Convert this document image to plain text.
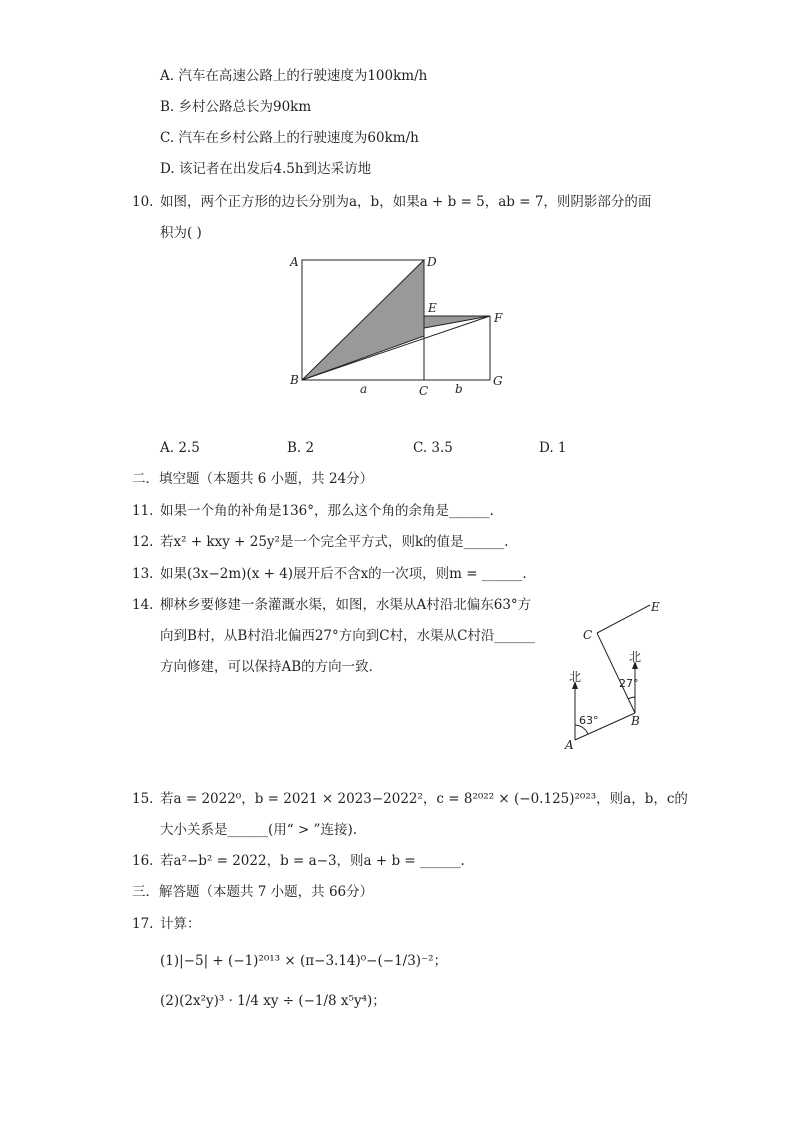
A. 汽车在高速公路上的行驶速度为100km/h
B. 乡村公路总长为90km
C. 汽车在乡村公路上的行驶速度为60km/h
D. 该记者在出发后4.5h到达采访地
10. 如图，两个正方形的边长分别为a，b，如果a + b = 5，ab = 7，则阴影部分的面
积为( )
A	D
E
F
B
C
G
a	b
A. 2.5	B. 2	C. 3.5	D. 1
二．填空题（本题共 6 小题，共 24分）
11. 如果一个角的补角是136°，那么这个角的余角是______.
12. 若x² + kxy + 25y²是一个完全平方式，则k的值是______.
13. 如果(3x−2m)(x + 4)展开后不含x的一次项，则m = ______.
14. 柳林乡要修建一条灌溉水渠，如图，水渠从A村沿北偏东63°方
向到B村，从B村沿北偏西27°方向到C村，水渠从C村沿______
方向修建，可以保持AB的方向一致．
北
北
63°
27°
A
B
C
E
15. 若a = 2022⁰，b = 2021 × 2023−2022²，c = 8²⁰²² × (−0.125)²⁰²³，则a，b，c的
大小关系是______(用“ > ”连接).
16. 若a²−b² = 2022，b = a−3，则a + b = ______.
三．解答题（本题共 7 小题，共 66分）
17. 计算：
(1)|−5| + (−1)²⁰¹³ × (π−3.14)⁰−(−1/3)⁻²；
(2)(2x²y)³ · 1/4 xy ÷ (−1/8 x⁵y⁴)；
